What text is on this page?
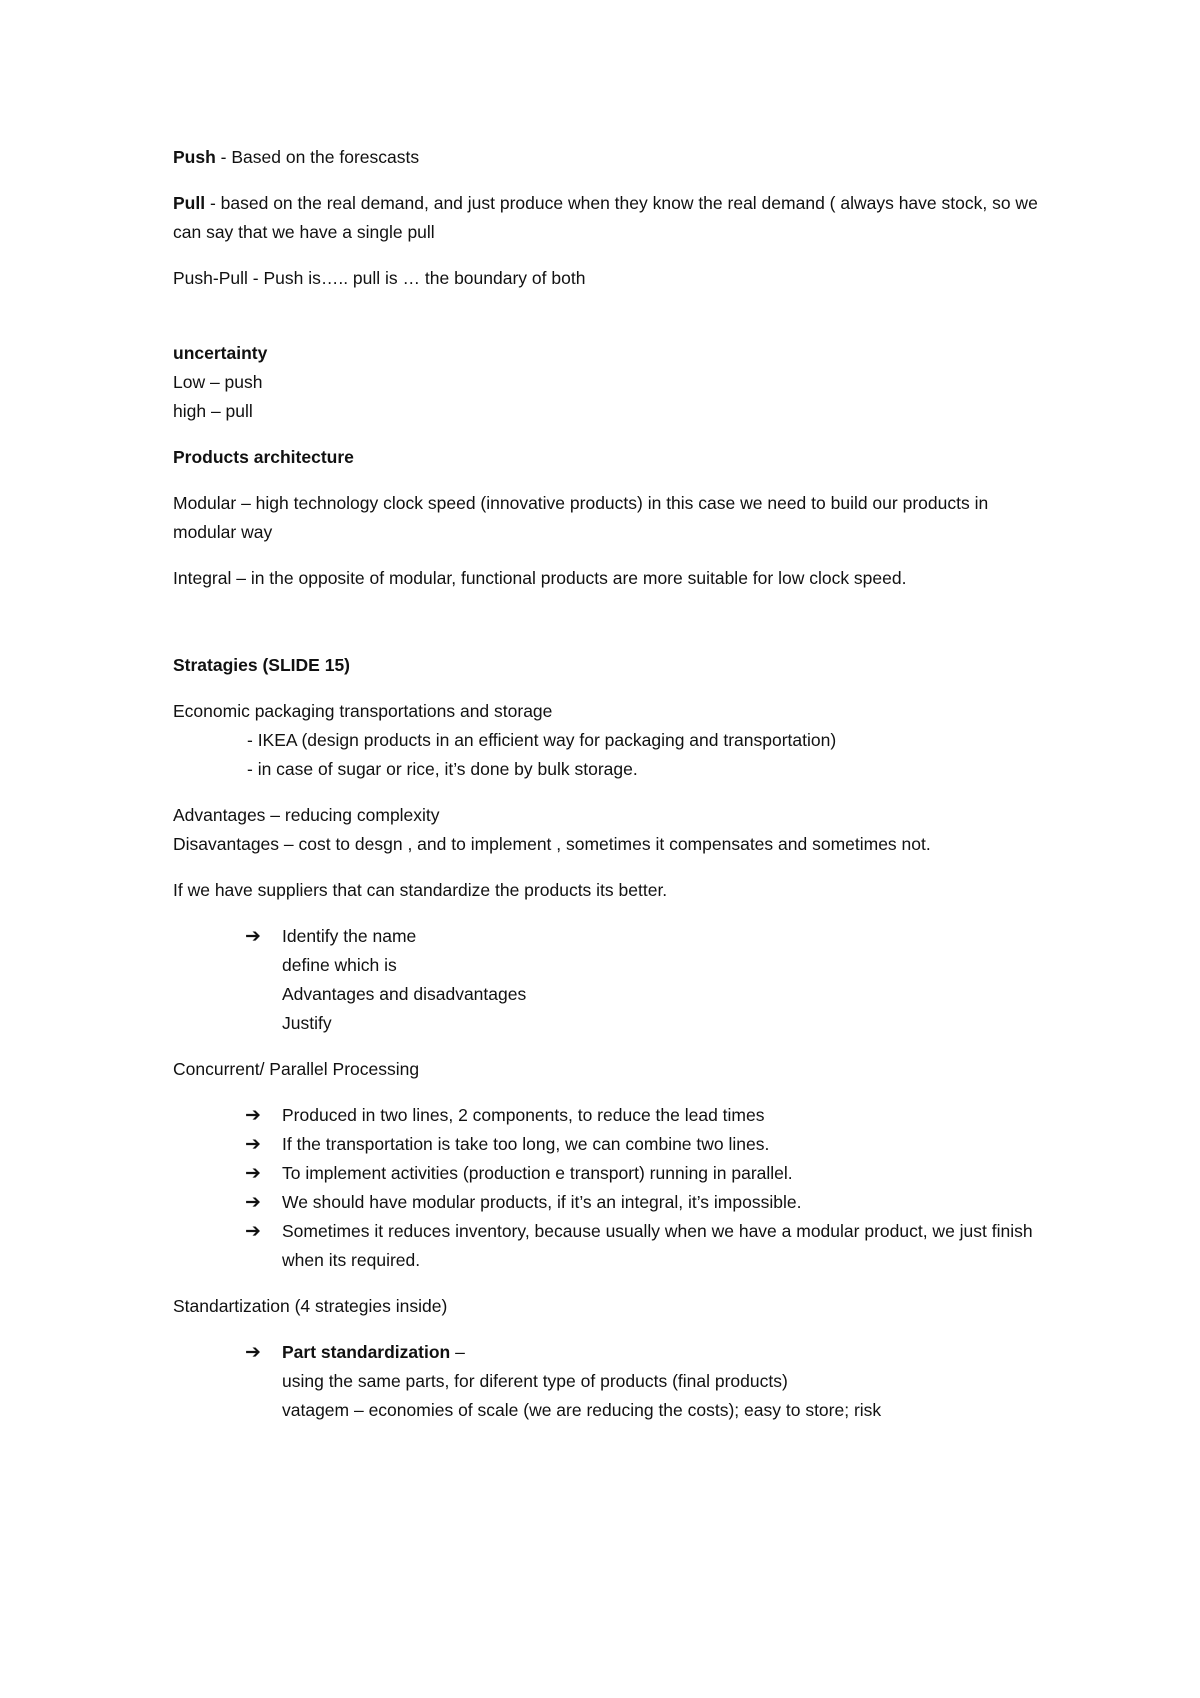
Push - Based on the forescasts

Pull - based on the real demand, and just produce when they know the real demand ( always have stock, so we can say that we have a single pull

Push-Pull - Push is….. pull is … the boundary of both

uncertainty

Low – push

high – pull

Products architecture

Modular – high technology clock speed (innovative products) in this case we need to build our products in modular way

Integral – in the opposite of modular, functional products are more suitable for low clock speed.

Stratagies (SLIDE 15)

Economic packaging transportations and storage

- IKEA (design products in an efficient way for packaging and transportation)

- in case of sugar or rice, it’s done by bulk storage.

Advantages – reducing complexity

Disavantages – cost to desgn , and to implement , sometimes it compensates and sometimes not.

If we have suppliers that can standardize the products its better.

➔ Identify the name
define which is
Advantages and disadvantages
Justify

Concurrent/ Parallel Processing

➔ Produced in two lines, 2 components, to reduce the lead times
➔ If the transportation is take too long, we can combine two lines.
➔ To implement activities (production e transport) running in parallel.
➔ We should have modular products, if it’s an integral, it’s impossible.
➔ Sometimes it reduces inventory, because usually when we have a modular product, we just finish when its required.

Standartization (4 strategies inside)

➔ Part standardization –
using the same parts, for diferent type of products (final products)
vatagem – economies of scale (we are reducing the costs); easy to store; risk
